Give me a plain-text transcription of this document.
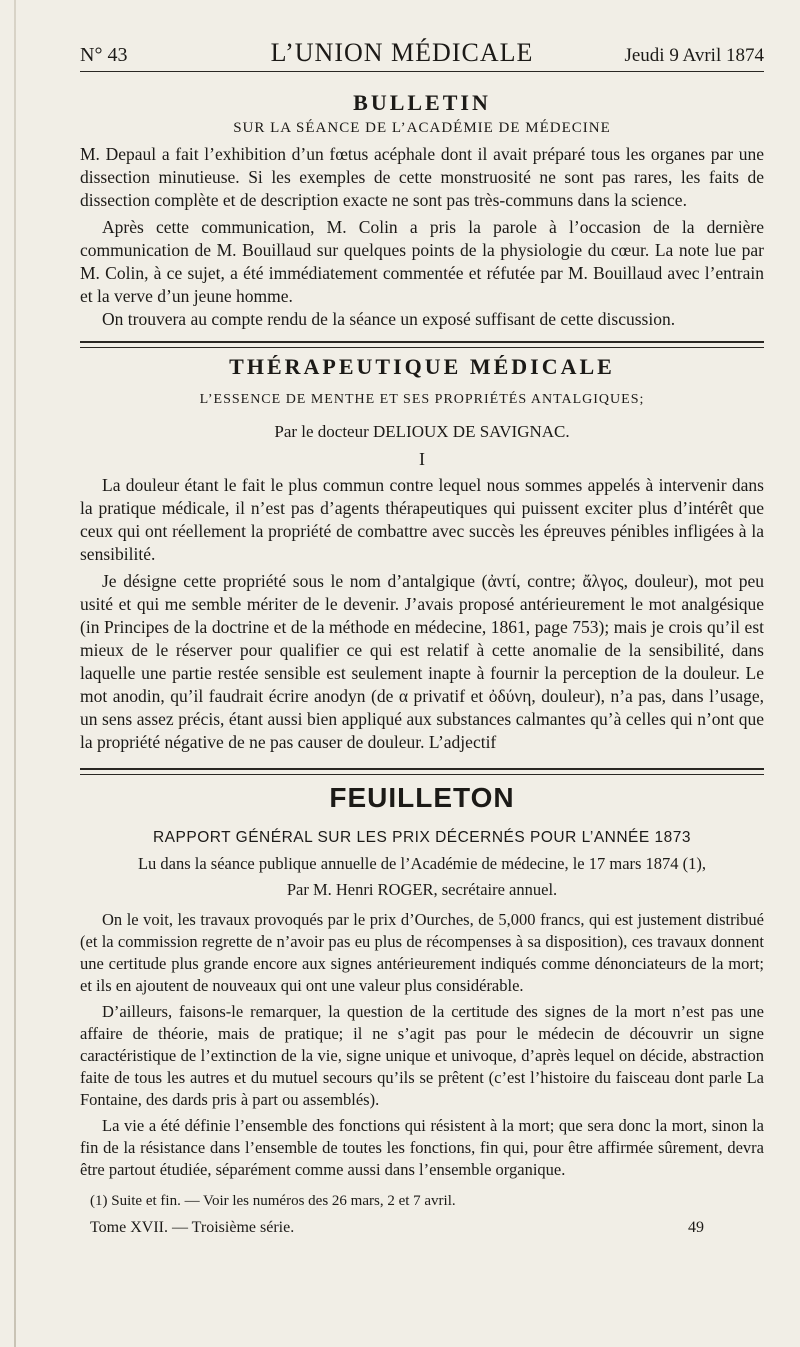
N° 43	L’UNION MÉDICALE	Jeudi 9 Avril 1874
BULLETIN
SUR LA SÉANCE DE L’ACADÉMIE DE MÉDECINE

M. Depaul a fait l’exhibition d’un fœtus acéphale dont il avait préparé tous les organes par une dissection minutieuse. Si les exemples de cette monstruosité ne sont pas rares, les faits de dissection complète et de description exacte ne sont pas très-communs dans la science.

Après cette communication, M. Colin a pris la parole à l’occasion de la dernière communication de M. Bouillaud sur quelques points de la physiologie du cœur. La note lue par M. Colin, à ce sujet, a été immédiatement commentée et réfutée par M. Bouillaud avec l’entrain et la verve d’un jeune homme.

On trouvera au compte rendu de la séance un exposé suffisant de cette discussion.

THÉRAPEUTIQUE MÉDICALE
L’ESSENCE DE MENTHE ET SES PROPRIÉTÉS ANTALGIQUES;
Par le docteur DELIOUX DE SAVIGNAC.
I

La douleur étant le fait le plus commun contre lequel nous sommes appelés à intervenir dans la pratique médicale, il n’est pas d’agents thérapeutiques qui puissent exciter plus d’intérêt que ceux qui ont réellement la propriété de combattre avec succès les épreuves pénibles infligées à la sensibilité.

Je désigne cette propriété sous le nom d’antalgique (ἀντί, contre; ἄλγος, douleur), mot peu usité et qui me semble mériter de le devenir. J’avais proposé antérieurement le mot analgésique (in Principes de la doctrine et de la méthode en médecine, 1861, page 753); mais je crois qu’il est mieux de le réserver pour qualifier ce qui est relatif à cette anomalie de la sensibilité, dans laquelle une partie restée sensible est seulement inapte à fournir la perception de la douleur. Le mot anodin, qu’il faudrait écrire anodyn (de α privatif et ὀδύνη, douleur), n’a pas, dans l’usage, un sens assez précis, étant aussi bien appliqué aux substances calmantes qu’à celles qui n’ont que la propriété négative de ne pas causer de douleur. L’adjectif

FEUILLETON
RAPPORT GÉNÉRAL SUR LES PRIX DÉCERNÉS POUR L’ANNÉE 1873
Lu dans la séance publique annuelle de l’Académie de médecine, le 17 mars 1874 (1),
Par M. Henri ROGER, secrétaire annuel.

On le voit, les travaux provoqués par le prix d’Ourches, de 5,000 francs, qui est justement distribué (et la commission regrette de n’avoir pas eu plus de récompenses à sa disposition), ces travaux donnent une certitude plus grande encore aux signes antérieurement indiqués comme dénonciateurs de la mort; et ils en ajoutent de nouveaux qui ont une valeur plus considérable.

D’ailleurs, faisons-le remarquer, la question de la certitude des signes de la mort n’est pas une affaire de théorie, mais de pratique; il ne s’agit pas pour le médecin de découvrir un signe caractéristique de l’extinction de la vie, signe unique et univoque, d’après lequel on décide, abstraction faite de tous les autres et du mutuel secours qu’ils se prêtent (c’est l’histoire du faisceau dont parle La Fontaine, des dards pris à part ou assemblés).

La vie a été définie l’ensemble des fonctions qui résistent à la mort; que sera donc la mort, sinon la fin de la résistance dans l’ensemble de toutes les fonctions, fin qui, pour être affirmée sûrement, devra être partout étudiée, séparément comme aussi dans l’ensemble organique.

(1) Suite et fin. — Voir les numéros des 26 mars, 2 et 7 avril.
Tome XVII. — Troisième série.	49
